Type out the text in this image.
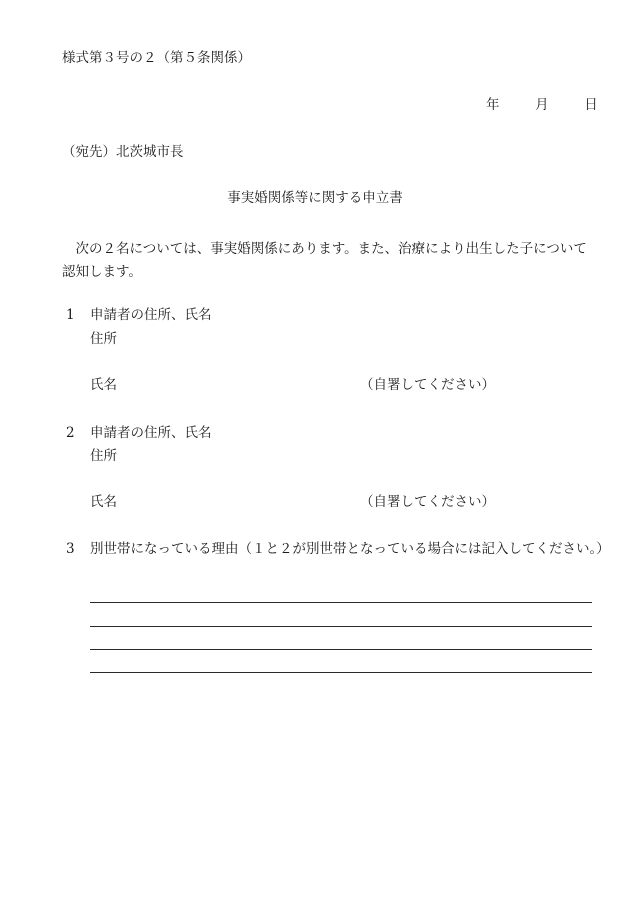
様式第３号の２（第５条関係）
年	月	日
（宛先）北茨城市長
事実婚関係等に関する申立書
次の２名については、事実婚関係にあります。また、治療により出生した子について認知します。
1 申請者の住所、氏名
住所
氏名	（自署してください）
2 申請者の住所、氏名
住所
氏名	（自署してください）
3 別世帯になっている理由（１と２が別世帯となっている場合には記入してください。）
